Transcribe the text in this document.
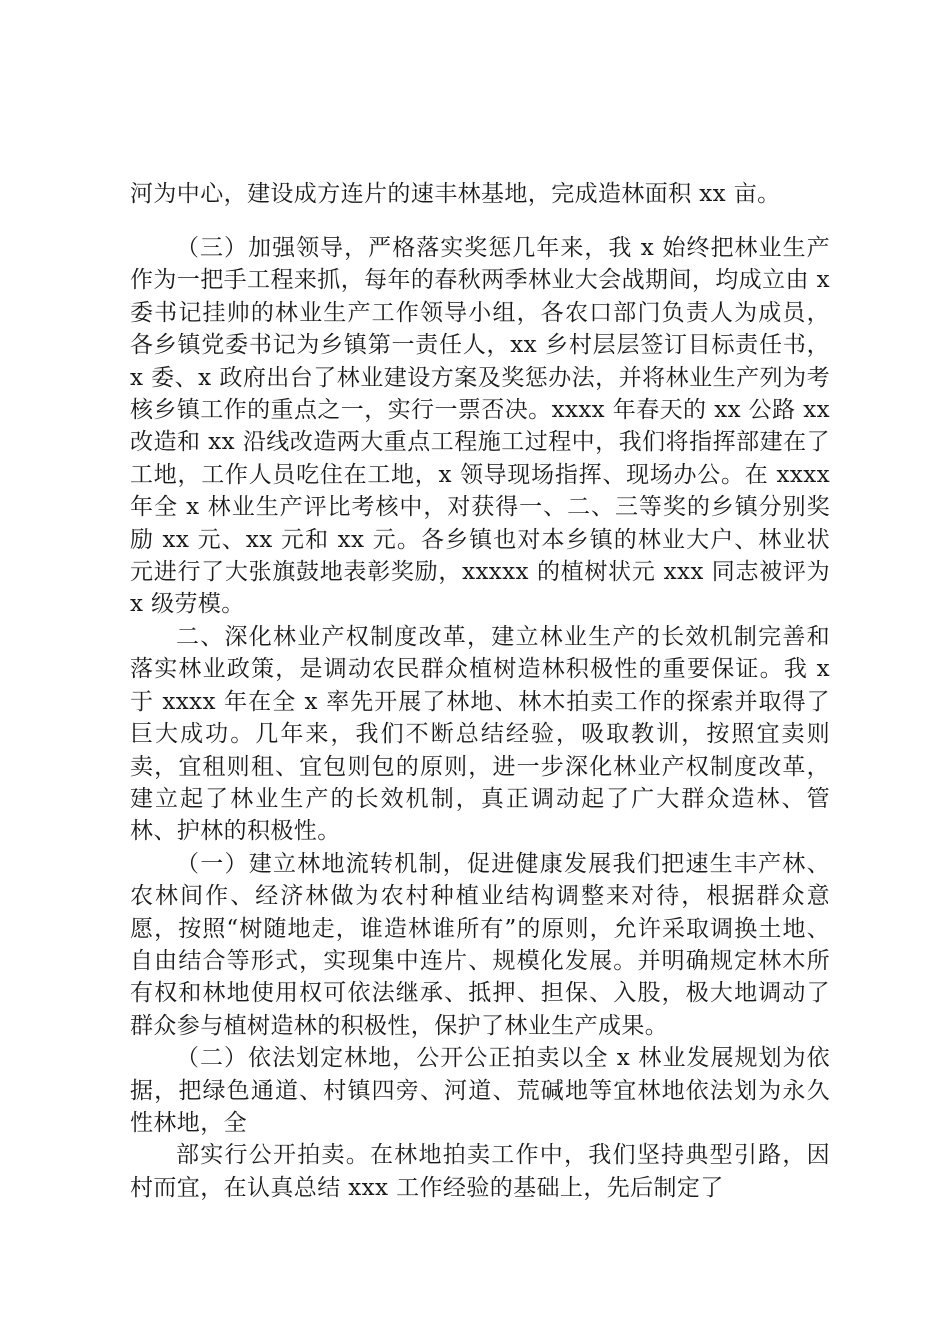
河为中心，建设成方连片的速丰林基地，完成造林面积 xx 亩。

（三）加强领导，严格落实奖惩几年来，我 x 始终把林业生产作为一把手工程来抓，每年的春秋两季林业大会战期间，均成立由 x 委书记挂帅的林业生产工作领导小组，各农口部门负责人为成员，各乡镇党委书记为乡镇第一责任人，xx 乡村层层签订目标责任书，x 委、x 政府出台了林业建设方案及奖惩办法，并将林业生产列为考核乡镇工作的重点之一，实行一票否决。xxxx 年春天的 xx 公路 xx 改造和 xx 沿线改造两大重点工程施工过程中，我们将指挥部建在了工地，工作人员吃住在工地，x 领导现场指挥、现场办公。在 xxxx 年全 x 林业生产评比考核中，对获得一、二、三等奖的乡镇分别奖励 xx 元、xx 元和 xx 元。各乡镇也对本乡镇的林业大户、林业状元进行了大张旗鼓地表彰奖励，xxxxx 的植树状元 xxx 同志被评为 x 级劳模。

二、深化林业产权制度改革，建立林业生产的长效机制完善和落实林业政策，是调动农民群众植树造林积极性的重要保证。我 x 于 xxxx 年在全 x 率先开展了林地、林木拍卖工作的探索并取得了巨大成功。几年来，我们不断总结经验，吸取教训，按照宜卖则卖，宜租则租、宜包则包的原则，进一步深化林业产权制度改革，建立起了林业生产的长效机制，真正调动起了广大群众造林、管林、护林的积极性。

（一）建立林地流转机制，促进健康发展我们把速生丰产林、农林间作、经济林做为农村种植业结构调整来对待，根据群众意愿，按照“树随地走，谁造林谁所有”的原则，允许采取调换土地、自由结合等形式，实现集中连片、规模化发展。并明确规定林木所有权和林地使用权可依法继承、抵押、担保、入股，极大地调动了群众参与植树造林的积极性，保护了林业生产成果。

（二）依法划定林地，公开公正拍卖以全 x 林业发展规划为依据，把绿色通道、村镇四旁、河道、荒碱地等宜林地依法划为永久性林地，全

部实行公开拍卖。在林地拍卖工作中，我们坚持典型引路，因村而宜，在认真总结 xxx 工作经验的基础上，先后制定了
